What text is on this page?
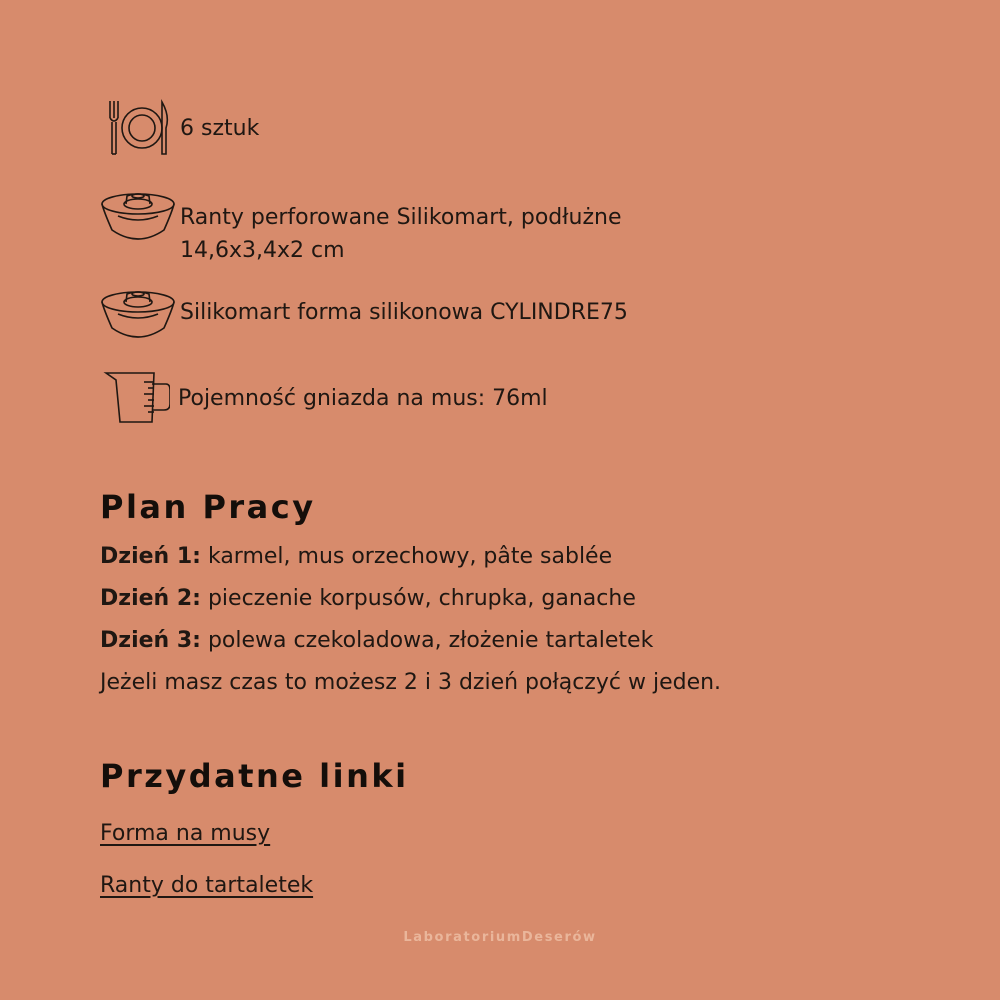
6 sztuk
Ranty perforowane Silikomart, podłużne
14,6x3,4x2 cm
Silikomart forma silikonowa CYLINDRE75
Pojemność gniazda na mus: 76ml
Plan Pracy
Dzień 1: karmel, mus orzechowy, pâte sablée
Dzień 2: pieczenie korpusów, chrupka, ganache
Dzień 3: polewa czekoladowa, złożenie tartaletek
Jeżeli masz czas to możesz 2 i 3 dzień połączyć w jeden.
Przydatne linki
Forma na musy
Ranty do tartaletek
LaboratoriumDeserów
